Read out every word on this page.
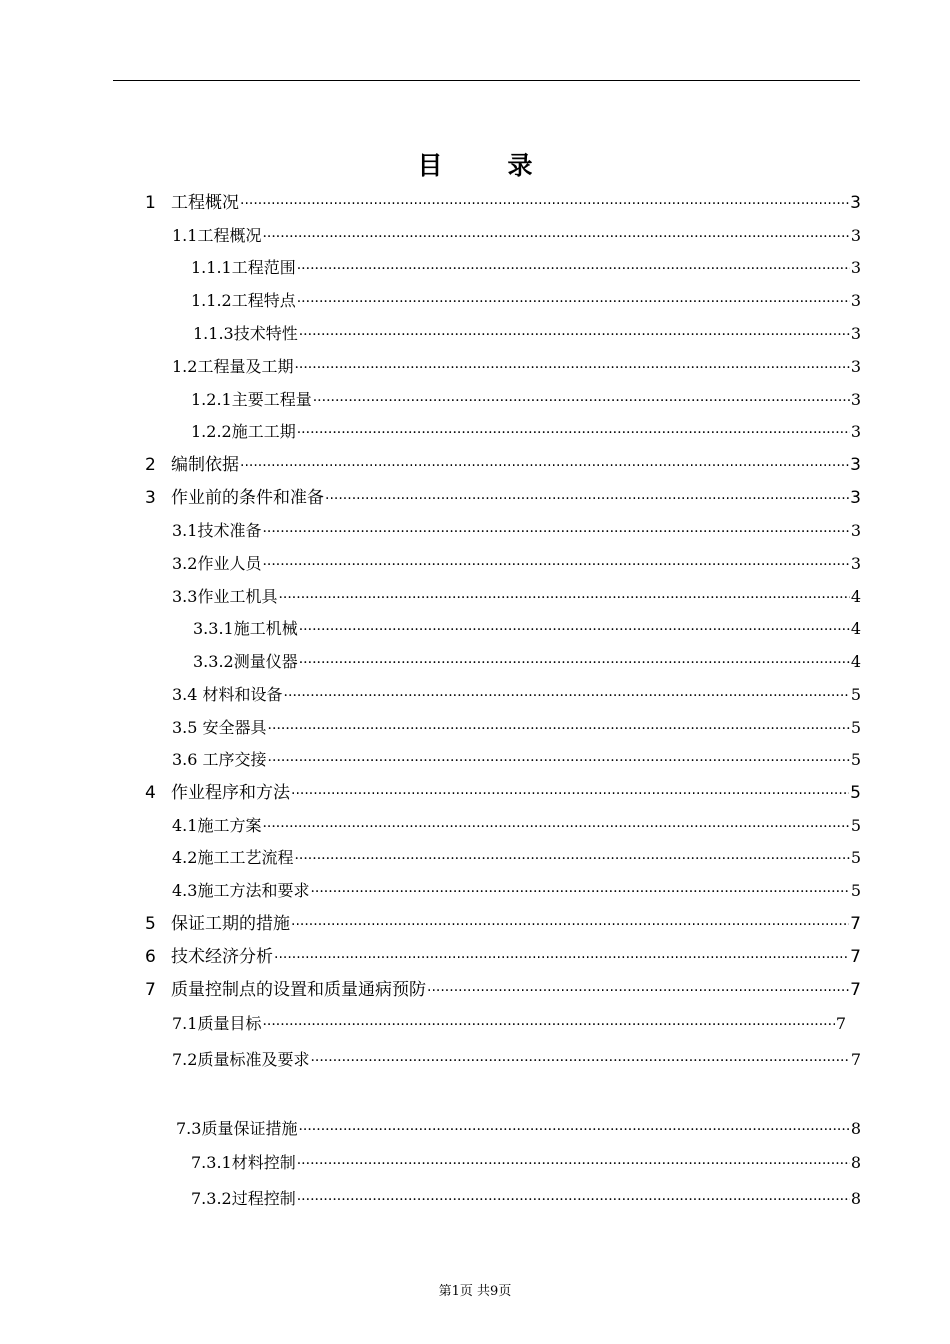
目　录
1 工程概况 ·····	3
1.1工程概况 ·····	3
1.1.1工程范围 ·····	3
1.1.2工程特点 ·····	3
1.1.3技术特性 ·····	3
1.2工程量及工期 ·····	3
1.2.1主要工程量 ·····	3
1.2.2施工工期 ·····	3
2 编制依据 ·····	3
3 作业前的条件和准备 ·····	3
3.1技术准备 ·····	3
3.2作业人员 ·····	3
3.3作业工机具 ·····	4
3.3.1施工机械 ·····	4
3.3.2测量仪器 ·····	4
3.4 材料和设备 ·····	5
3.5 安全器具 ·····	5
3.6 工序交接 ·····	5
4 作业程序和方法 ·····	5
4.1施工方案 ·····	5
4.2施工工艺流程 ·····	5
4.3施工方法和要求 ·····	5
5 保证工期的措施 ·····	7
6 技术经济分析 ·····	7
7 质量控制点的设置和质量通病预防 ·····	7
7.1质量目标 ·····	7
7.2质量标准及要求 ·····	7
7.3质量保证措施 ·····	8
7.3.1材料控制 ·····	8
7.3.2过程控制 ·····	8
第1页 共9页
